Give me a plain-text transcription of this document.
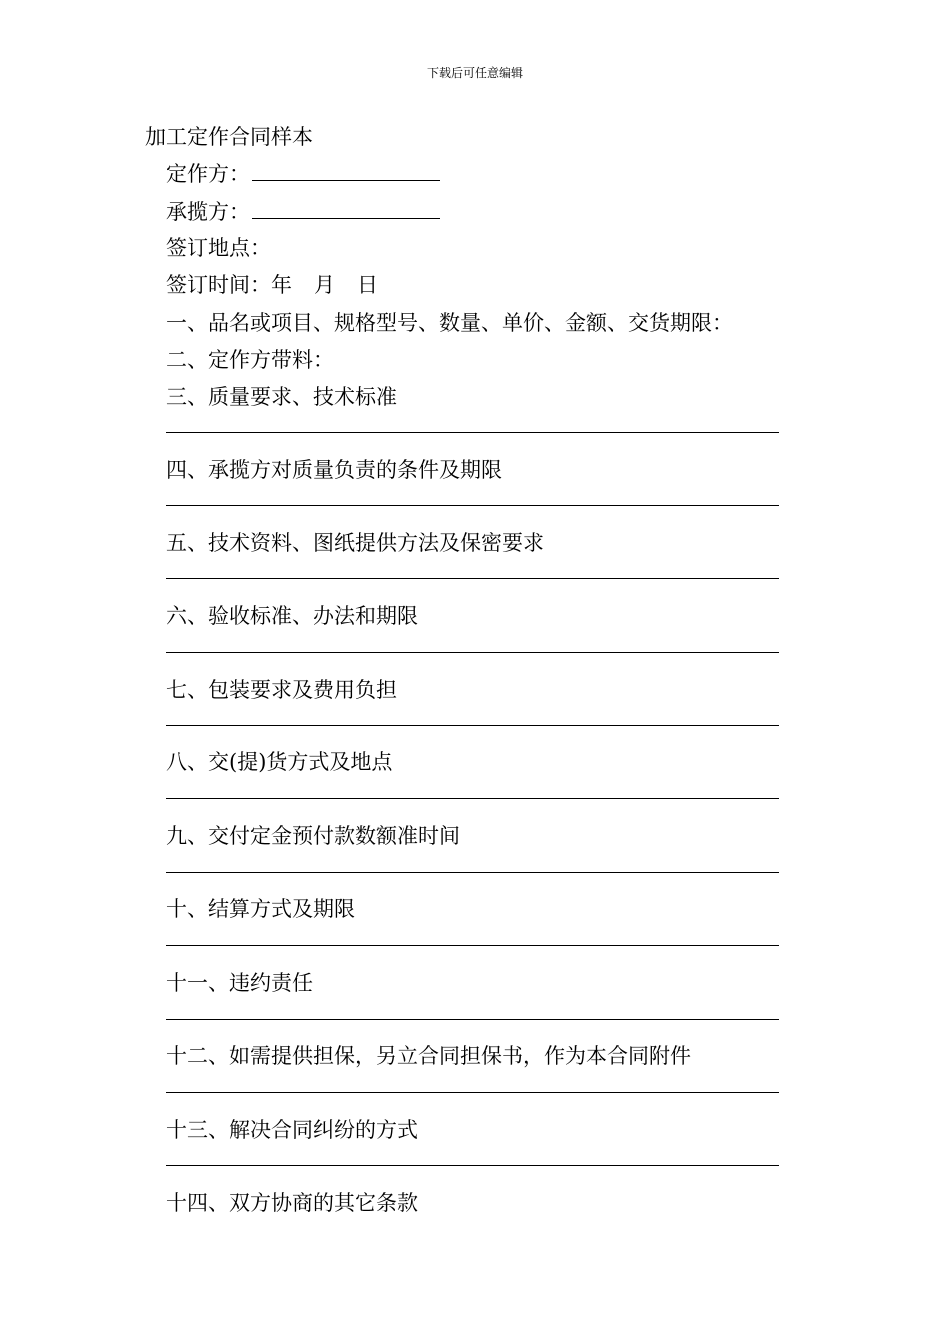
下载后可任意编辑
加工定作合同样本
定作方：
承揽方：
签订地点：
签订时间：年 月 日
一、品名或项目、规格型号、数量、单价、金额、交货期限：
二、定作方带料：
三、质量要求、技术标准
四、承揽方对质量负责的条件及期限
五、技术资料、图纸提供方法及保密要求
六、验收标准、办法和期限
七、包装要求及费用负担
八、交(提)货方式及地点
九、交付定金预付款数额准时间
十、结算方式及期限
十一、违约责任
十二、如需提供担保，另立合同担保书，作为本合同附件
十三、解决合同纠纷的方式
十四、双方协商的其它条款
